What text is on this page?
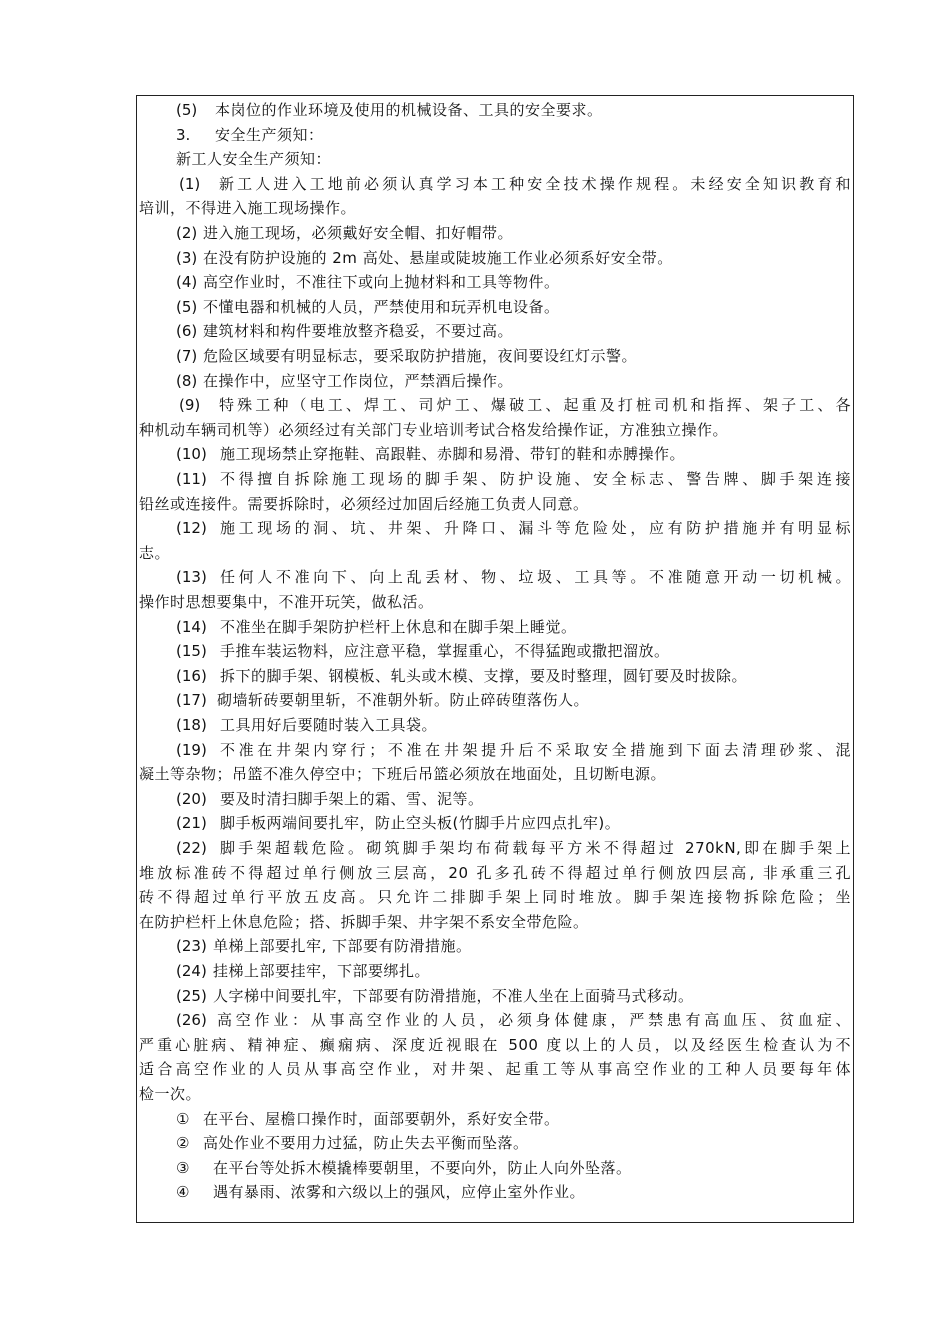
(5) 本岗位的作业环境及使用的机械设备、工具的安全要求。
3. 安全生产须知：
新工人安全生产须知：
(1) 新工人进入工地前必须认真学习本工种安全技术操作规程。未经安全知识教育和
培训，不得进入施工现场操作。
(2) 进入施工现场，必须戴好安全帽、扣好帽带。
(3) 在没有防护设施的 2m 高处、悬崖或陡坡施工作业必须系好安全带。
(4) 高空作业时，不准往下或向上抛材料和工具等物件。
(5) 不懂电器和机械的人员，严禁使用和玩弄机电设备。
(6) 建筑材料和构件要堆放整齐稳妥，不要过高。
(7) 危险区域要有明显标志，要采取防护措施，夜间要设红灯示警。
(8) 在操作中，应坚守工作岗位，严禁酒后操作。
(9) 特殊工种（电工、焊工、司炉工、爆破工、起重及打桩司机和指挥、架子工、各
种机动车辆司机等）必须经过有关部门专业培训考试合格发给操作证，方准独立操作。
(10) 施工现场禁止穿拖鞋、高跟鞋、赤脚和易滑、带钉的鞋和赤膊操作。
(11) 不得擅自拆除施工现场的脚手架、防护设施、安全标志、警告牌、脚手架连接
铅丝或连接件。需要拆除时，必须经过加固后经施工负责人同意。
(12) 施工现场的洞、坑、井架、升降口、漏斗等危险处，应有防护措施并有明显标
志。
(13) 任何人不准向下、向上乱丢材、物、垃圾、工具等。不准随意开动一切机械。
操作时思想要集中，不准开玩笑，做私活。
(14) 不准坐在脚手架防护栏杆上休息和在脚手架上睡觉。
(15) 手推车装运物料，应注意平稳，掌握重心，不得猛跑或撒把溜放。
(16) 拆下的脚手架、钢模板、轧头或木模、支撑，要及时整理，圆钉要及时拔除。
(17) 砌墙斩砖要朝里斩，不准朝外斩。防止碎砖堕落伤人。
(18) 工具用好后要随时装入工具袋。
(19) 不准在井架内穿行；不准在井架提升后不采取安全措施到下面去清理砂浆、混
凝土等杂物；吊篮不准久停空中；下班后吊篮必须放在地面处，且切断电源。
(20) 要及时清扫脚手架上的霜、雪、泥等。
(21) 脚手板两端间要扎牢，防止空头板(竹脚手片应四点扎牢)。
(22) 脚手架超载危险。砌筑脚手架均布荷载每平方米不得超过 270kN,即在脚手架上
堆放标准砖不得超过单行侧放三层高，20 孔多孔砖不得超过单行侧放四层高, 非承重三孔
砖不得超过单行平放五皮高。只允许二排脚手架上同时堆放。脚手架连接物拆除危险；坐
在防护栏杆上休息危险；搭、拆脚手架、井字架不系安全带危险。
(23) 单梯上部要扎牢, 下部要有防滑措施。
(24) 挂梯上部要挂牢，下部要绑扎。
(25) 人字梯中间要扎牢，下部要有防滑措施，不准人坐在上面骑马式移动。
(26) 高空作业：从事高空作业的人员，必须身体健康，严禁患有高血压、贫血症、
严重心脏病、精神症、癫痫病、深度近视眼在 500 度以上的人员，以及经医生检查认为不
适合高空作业的人员从事高空作业，对井架、起重工等从事高空作业的工种人员要每年体
检一次。
① 在平台、屋檐口操作时，面部要朝外，系好安全带。
② 高处作业不要用力过猛，防止失去平衡而坠落。
③ 在平台等处拆木模撬棒要朝里，不要向外，防止人向外坠落。
④ 遇有暴雨、浓雾和六级以上的强风，应停止室外作业。
